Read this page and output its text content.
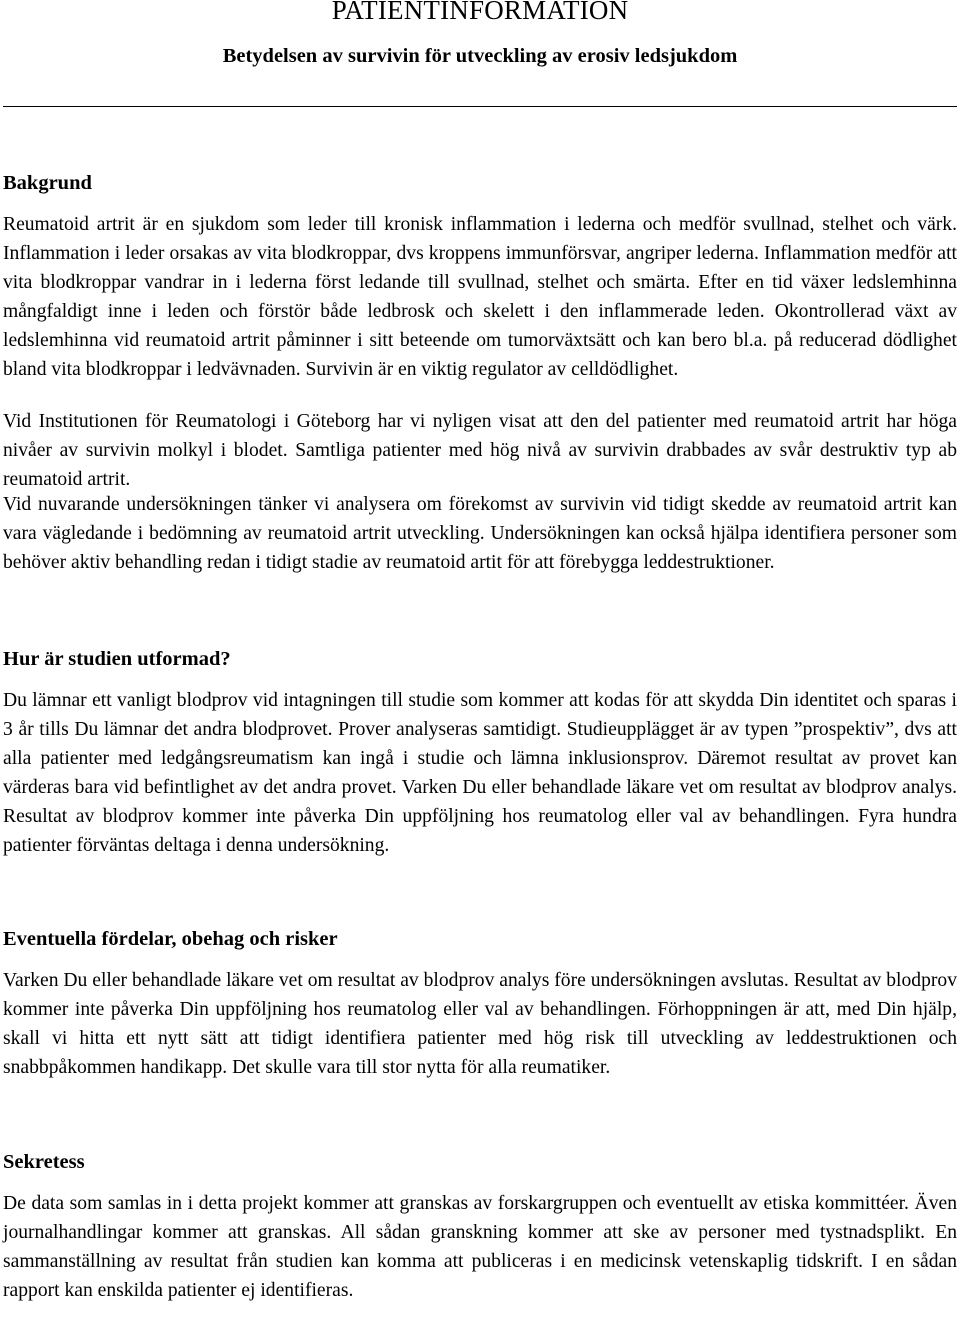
PATIENTINFORMATION
Betydelsen av survivin för utveckling av erosiv ledsjukdom
Bakgrund

Reumatoid artrit är en sjukdom som leder till kronisk inflammation i lederna och medför svullnad, stelhet och värk. Inflammation i leder orsakas av vita blodkroppar, dvs kroppens immunförsvar, angriper lederna. Inflammation medför att vita blodkroppar vandrar in i lederna först ledande till svullnad, stelhet och smärta. Efter en tid växer ledslemhinna mångfaldigt inne i leden och förstör både ledbrosk och skelett i den inflammerade leden. Okontrollerad växt av ledslemhinna vid reumatoid artrit påminner i sitt beteende om tumorväxtsätt och kan bero bl.a. på reducerad dödlighet bland vita blodkroppar i ledvävnaden. Survivin är en viktig regulator av celldödlighet.

Vid Institutionen för Reumatologi i Göteborg har vi nyligen visat att den del patienter med reumatoid artrit har höga nivåer av survivin molkyl i blodet. Samtliga patienter med hög nivå av survivin drabbades av svår destruktiv typ ab reumatoid artrit.

Vid nuvarande undersökningen tänker vi analysera om förekomst av survivin vid tidigt skedde av reumatoid artrit kan vara vägledande i bedömning av reumatoid artrit utveckling. Undersökningen kan också hjälpa identifiera personer som behöver aktiv behandling redan i tidigt stadie av reumatoid artit för att förebygga leddestruktioner.

Hur är studien utformad?

Du lämnar ett vanligt blodprov vid intagningen till studie som kommer att kodas för att skydda Din identitet och sparas i 3 år tills Du lämnar det andra blodprovet. Prover analyseras samtidigt. Studieupplägget är av typen ”prospektiv”, dvs att alla patienter med ledgångsreumatism kan ingå i studie och lämna inklusionsprov. Däremot resultat av provet kan värderas bara vid befintlighet av det andra provet. Varken Du eller behandlade läkare vet om resultat av blodprov analys. Resultat av blodprov kommer inte påverka Din uppföljning hos reumatolog eller val av behandlingen. Fyra hundra patienter förväntas deltaga i denna undersökning.

Eventuella fördelar, obehag och risker

Varken Du eller behandlade läkare vet om resultat av blodprov analys före undersökningen avslutas. Resultat av blodprov kommer inte påverka Din uppföljning hos reumatolog eller val av behandlingen. Förhoppningen är att, med Din hjälp, skall vi hitta ett nytt sätt att tidigt identifiera patienter med hög risk till utveckling av leddestruktionen och snabbpåkommen handikapp. Det skulle vara till stor nytta för alla reumatiker.

Sekretess

De data som samlas in i detta projekt kommer att granskas av forskargruppen och eventuellt av etiska kommittéer. Även journalhandlingar kommer att granskas. All sådan granskning kommer att ske av personer med tystnadsplikt. En sammanställning av resultat från studien kan komma att publiceras i en medicinsk vetenskaplig tidskrift. I en sådan rapport kan enskilda patienter ej identifieras.
